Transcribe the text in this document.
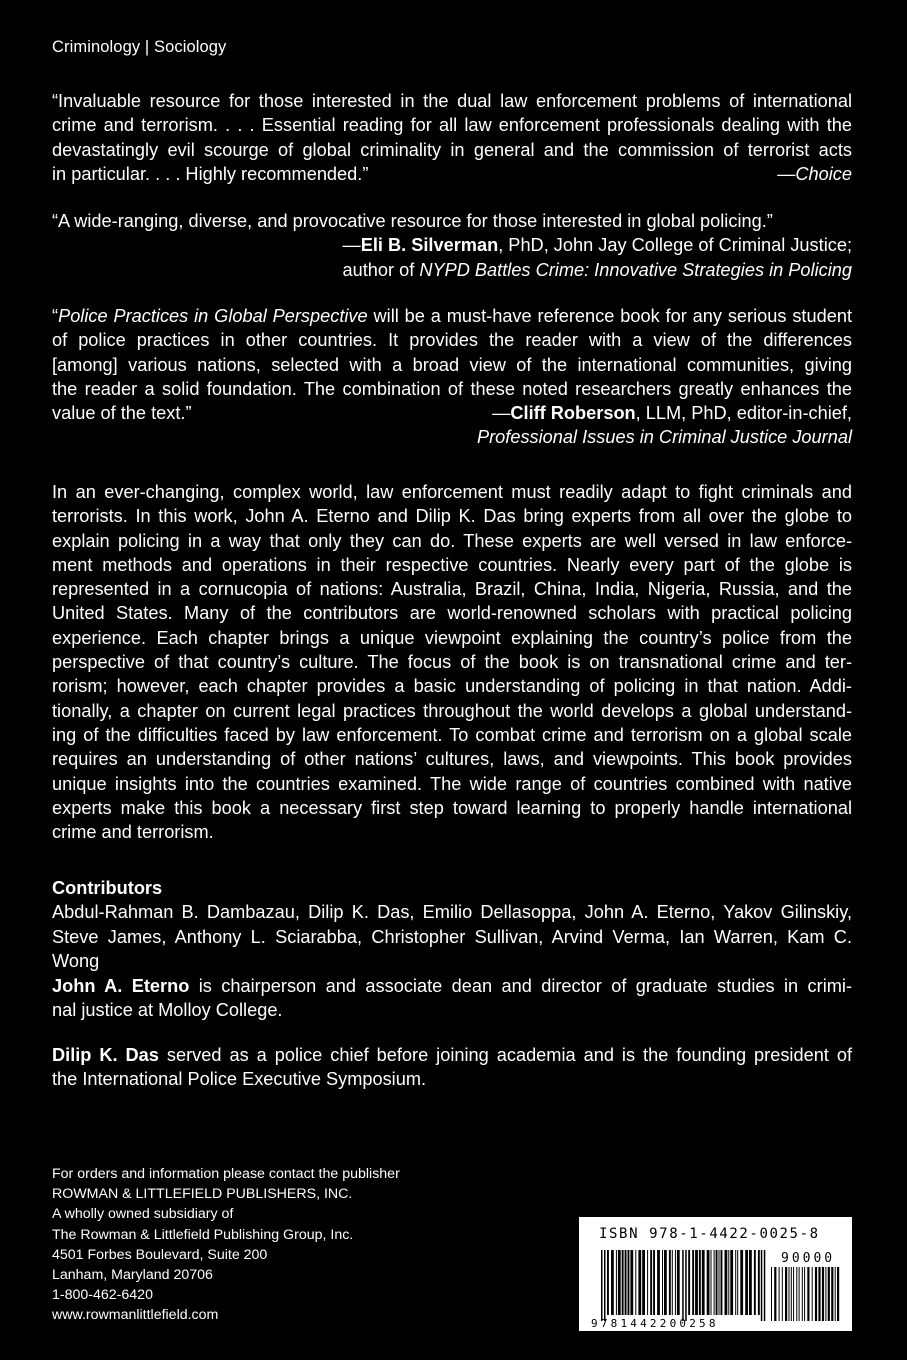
Criminology | Sociology
“Invaluable resource for those interested in the dual law enforcement problems of international
crime and terrorism. . . . Essential reading for all law enforcement professionals dealing with the
devastatingly evil scourge of global criminality in general and the commission of terrorist acts
in particular. . . . Highly recommended.”	—Choice
“A wide-ranging, diverse, and provocative resource for those interested in global policing.”
—Eli B. Silverman, PhD, John Jay College of Criminal Justice;
author of NYPD Battles Crime: Innovative Strategies in Policing
“Police Practices in Global Perspective will be a must-have reference book for any serious student
of police practices in other countries. It provides the reader with a view of the differences
[among] various nations, selected with a broad view of the international communities, giving
the reader a solid foundation. The combination of these noted researchers greatly enhances the
value of the text.”	—Cliff Roberson, LLM, PhD, editor-in-chief,
Professional Issues in Criminal Justice Journal
In an ever-changing, complex world, law enforcement must readily adapt to fight criminals and
terrorists. In this work, John A. Eterno and Dilip K. Das bring experts from all over the globe to
explain policing in a way that only they can do. These experts are well versed in law enforce-
ment methods and operations in their respective countries. Nearly every part of the globe is
represented in a cornucopia of nations: Australia, Brazil, China, India, Nigeria, Russia, and the
United States. Many of the contributors are world-renowned scholars with practical policing
experience. Each chapter brings a unique viewpoint explaining the country’s police from the
perspective of that country’s culture. The focus of the book is on transnational crime and ter-
rorism; however, each chapter provides a basic understanding of policing in that nation. Addi-
tionally, a chapter on current legal practices throughout the world develops a global understand-
ing of the difficulties faced by law enforcement. To combat crime and terrorism on a global scale
requires an understanding of other nations’ cultures, laws, and viewpoints. This book provides
unique insights into the countries examined. The wide range of countries combined with native
experts make this book a necessary first step toward learning to properly handle international
crime and terrorism.
Contributors
Abdul-Rahman B. Dambazau, Dilip K. Das, Emilio Dellasoppa, John A. Eterno, Yakov Gilinskiy,
Steve James, Anthony L. Sciarabba, Christopher Sullivan, Arvind Verma, Ian Warren, Kam C. Wong
John A. Eterno is chairperson and associate dean and director of graduate studies in crimi-
nal justice at Molloy College.
Dilip K. Das served as a police chief before joining academia and is the founding president of
the International Police Executive Symposium.
For orders and information please contact the publisher
ROWMAN & LITTLEFIELD PUBLISHERS, INC.
A wholly owned subsidiary of
The Rowman & Littlefield Publishing Group, Inc.
4501 Forbes Boulevard, Suite 200
Lanham, Maryland 20706
1-800-462-6420
www.rowmanlittlefield.com
ISBN 978-1-4422-0025-8
90000
9781442200258
